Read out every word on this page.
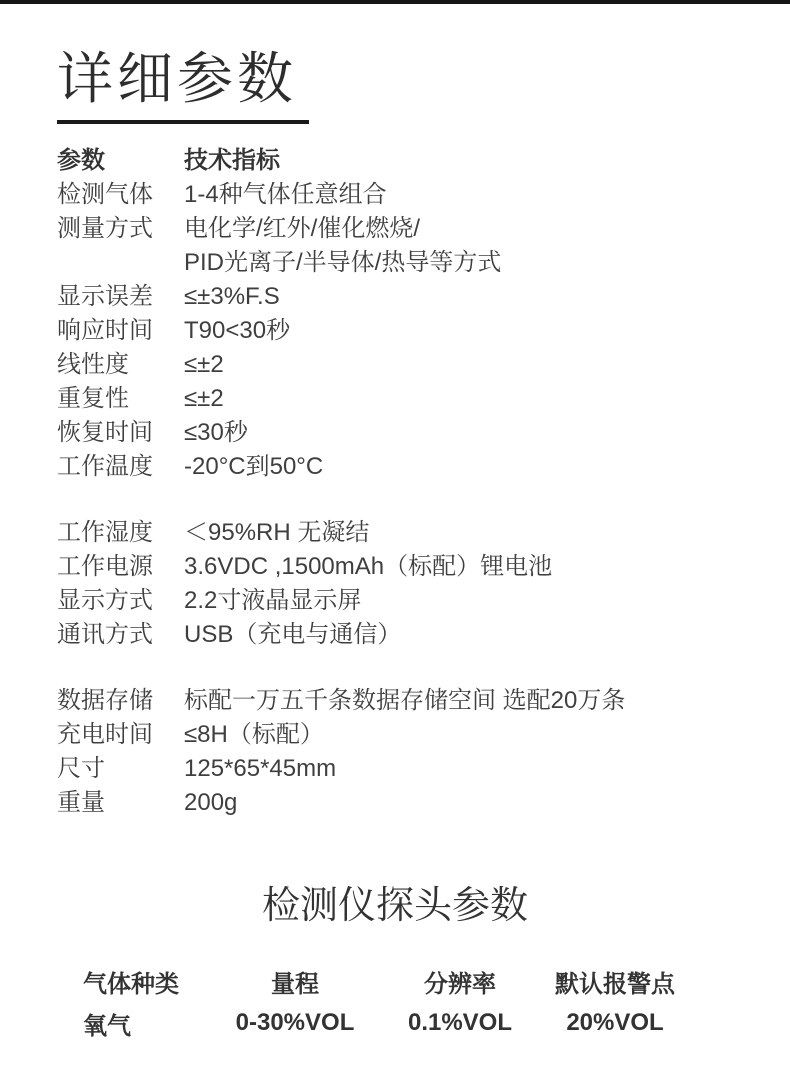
详细参数
参数	技术指标
检测气体	1-4种气体任意组合
测量方式	电化学/红外/催化燃烧/
PID光离子/半导体/热导等方式
显示误差	≤±3%F.S
响应时间	T90<30秒
线性度	≤±2
重复性	≤±2
恢复时间	≤30秒
工作温度	-20°C到50°C
工作湿度	＜95%RH 无凝结
工作电源	3.6VDC ,1500mAh（标配）锂电池
显示方式	2.2寸液晶显示屏
通讯方式	USB（充电与通信）
数据存储	标配一万五千条数据存储空间 选配20万条
充电时间	≤8H（标配）
尺寸	125*65*45mm
重量	200g
检测仪探头参数
气体种类	量程	分辨率	默认报警点
氧气	0-30%VOL	0.1%VOL	20%VOL
